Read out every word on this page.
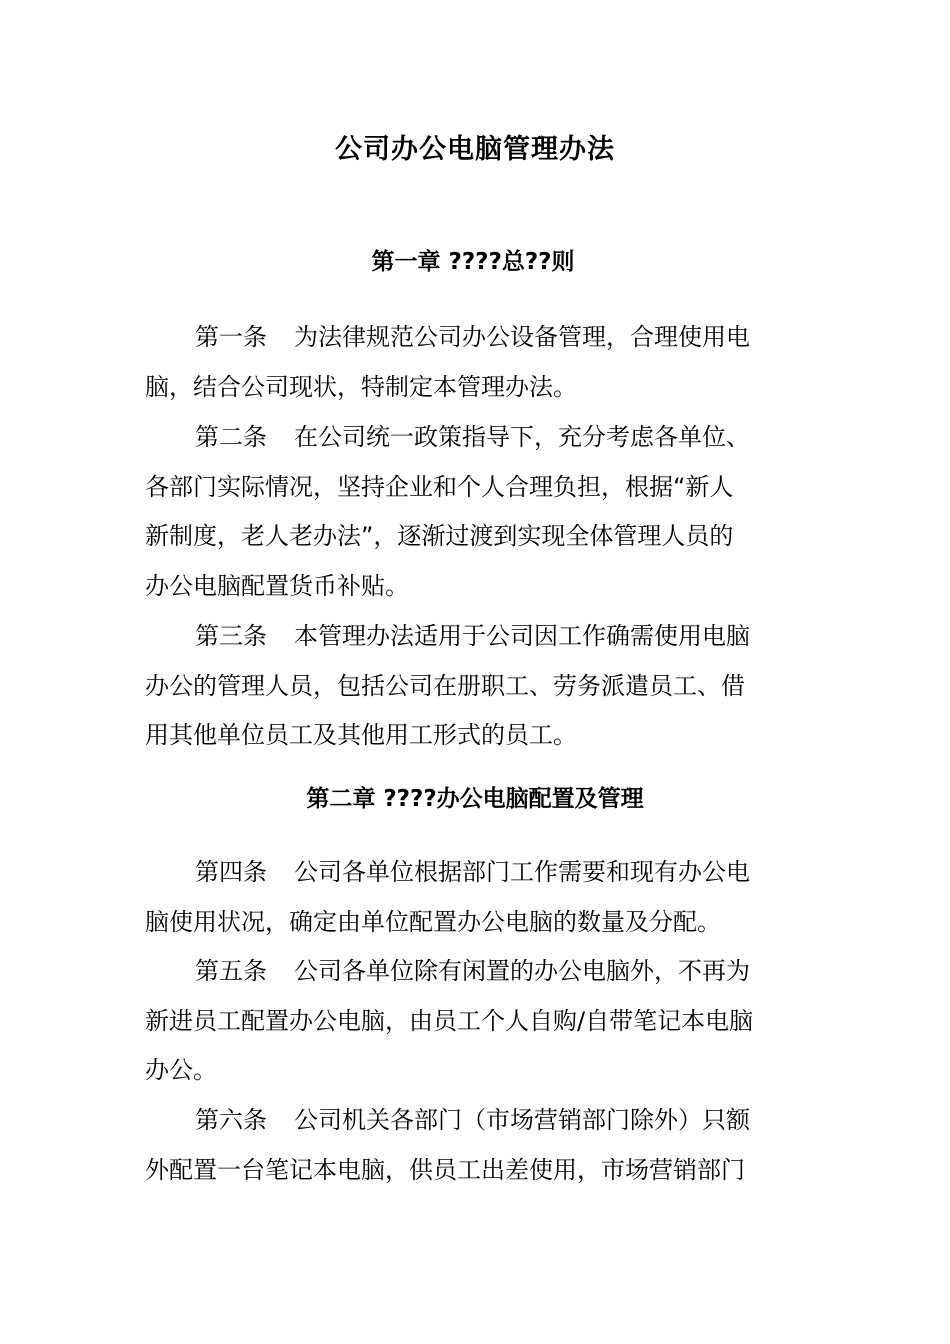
公司办公电脑管理办法
第一章 ????总??则
第一条 为法律规范公司办公设备管理，合理使用电
脑，结合公司现状，特制定本管理办法。
第二条 在公司统一政策指导下，充分考虑各单位、
各部门实际情况，坚持企业和个人合理负担，根据“新人
新制度，老人老办法”，逐渐过渡到实现全体管理人员的
办公电脑配置货币补贴。
第三条 本管理办法适用于公司因工作确需使用电脑
办公的管理人员，包括公司在册职工、劳务派遣员工、借
用其他单位员工及其他用工形式的员工。
第二章 ????办公电脑配置及管理
第四条 公司各单位根据部门工作需要和现有办公电
脑使用状况，确定由单位配置办公电脑的数量及分配。
第五条 公司各单位除有闲置的办公电脑外，不再为
新进员工配置办公电脑，由员工个人自购/自带笔记本电脑
办公。
第六条 公司机关各部门（市场营销部门除外）只额
外配置一台笔记本电脑，供员工出差使用，市场营销部门
